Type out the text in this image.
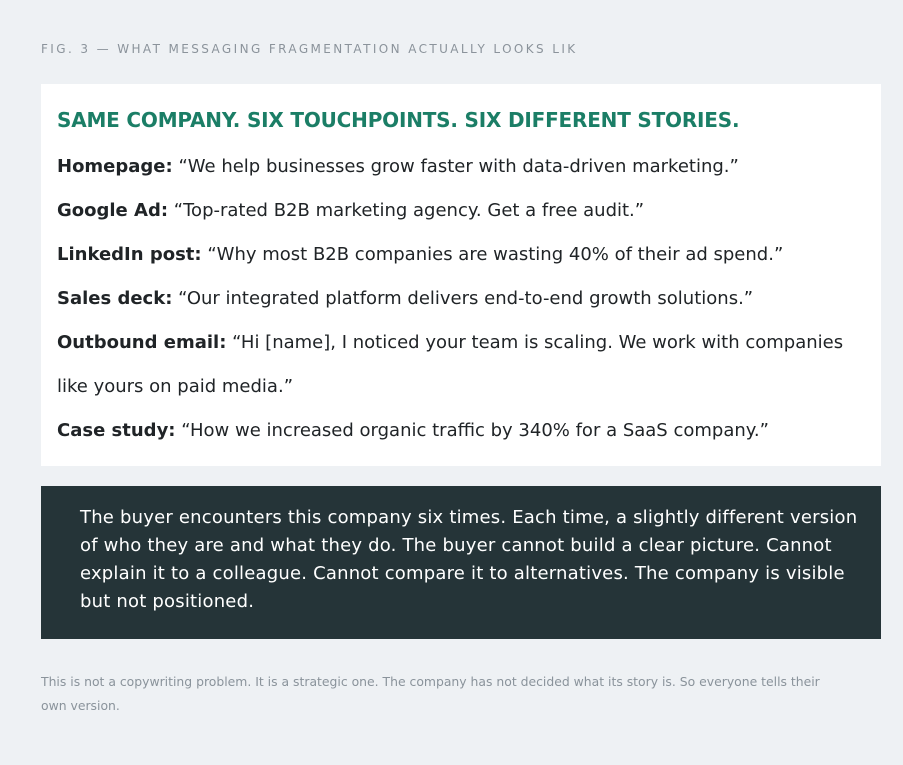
FIG. 3 — WHAT MESSAGING FRAGMENTATION ACTUALLY LOOKS LIK
SAME COMPANY. SIX TOUCHPOINTS. SIX DIFFERENT STORIES.

Homepage: “We help businesses grow faster with data-driven marketing.”

Google Ad: “Top-rated B2B marketing agency. Get a free audit.”

LinkedIn post: “Why most B2B companies are wasting 40% of their ad spend.”

Sales deck: “Our integrated platform delivers end-to-end growth solutions.”

Outbound email: “Hi [name], I noticed your team is scaling. We work with companies like yours on paid media.”

Case study: “How we increased organic traffic by 340% for a SaaS company.”

The buyer encounters this company six times. Each time, a slightly different version of who they are and what they do. The buyer cannot build a clear picture. Cannot explain it to a colleague. Cannot compare it to alternatives. The company is visible but not positioned.

This is not a copywriting problem. It is a strategic one. The company has not decided what its story is. So everyone tells their own version.
